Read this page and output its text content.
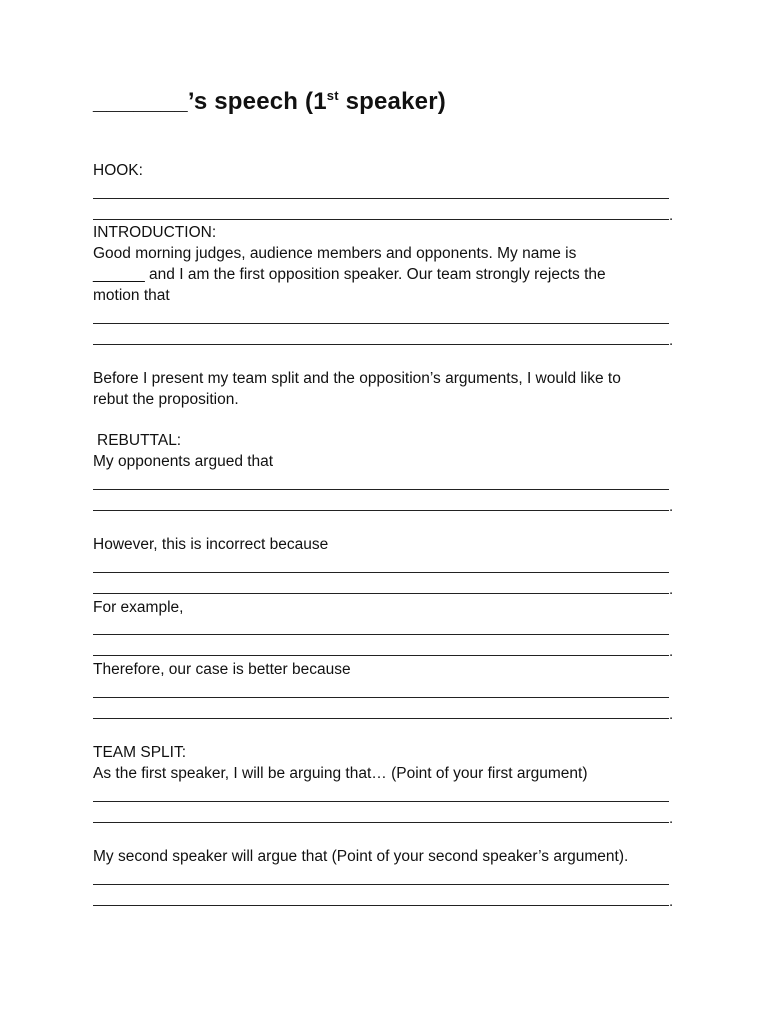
_______’s speech (1st speaker)
HOOK:
.
INTRODUCTION:
Good morning judges, audience members and opponents. My name is
______ and I am the first opposition speaker. Our team strongly rejects the
motion that
.
Before I present my team split and the opposition’s arguments, I would like to
rebut the proposition.
REBUTTAL:
My opponents argued that
.
However, this is incorrect because
.
For example,
.
Therefore, our case is better because
.
TEAM SPLIT:
As the first speaker, I will be arguing that… (Point of your first argument)
.
My second speaker will argue that (Point of your second speaker’s argument).
.
